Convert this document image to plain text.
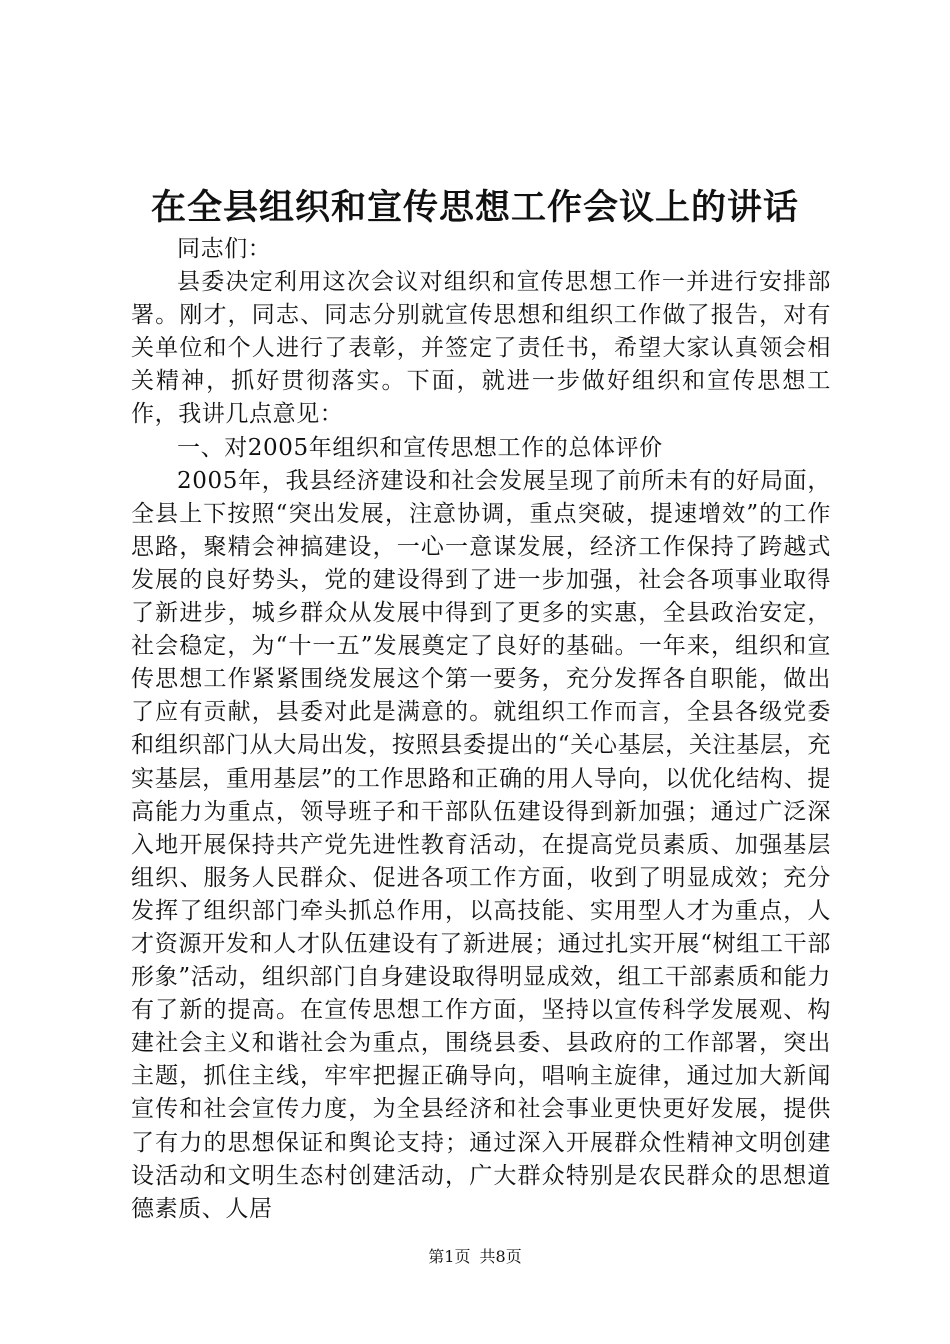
在全县组织和宣传思想工作会议上的讲话

同志们：

县委决定利用这次会议对组织和宣传思想工作一并进行安排部署。刚才，同志、同志分别就宣传思想和组织工作做了报告，对有关单位和个人进行了表彰，并签定了责任书，希望大家认真领会相关精神，抓好贯彻落实。下面，就进一步做好组织和宣传思想工作，我讲几点意见：

一、对2005年组织和宣传思想工作的总体评价

2005年，我县经济建设和社会发展呈现了前所未有的好局面，全县上下按照“突出发展，注意协调，重点突破，提速增效”的工作思路，聚精会神搞建设，一心一意谋发展，经济工作保持了跨越式发展的良好势头，党的建设得到了进一步加强，社会各项事业取得了新进步，城乡群众从发展中得到了更多的实惠，全县政治安定，社会稳定，为“十一五”发展奠定了良好的基础。一年来，组织和宣传思想工作紧紧围绕发展这个第一要务，充分发挥各自职能，做出了应有贡献，县委对此是满意的。就组织工作而言，全县各级党委和组织部门从大局出发，按照县委提出的“关心基层，关注基层，充实基层，重用基层”的工作思路和正确的用人导向，以优化结构、提高能力为重点，领导班子和干部队伍建设得到新加强；通过广泛深入地开展保持共产党先进性教育活动，在提高党员素质、加强基层组织、服务人民群众、促进各项工作方面，收到了明显成效；充分发挥了组织部门牵头抓总作用，以高技能、实用型人才为重点，人才资源开发和人才队伍建设有了新进展；通过扎实开展“树组工干部形象”活动，组织部门自身建设取得明显成效，组工干部素质和能力有了新的提高。在宣传思想工作方面，坚持以宣传科学发展观、构建社会主义和谐社会为重点，围绕县委、县政府的工作部署，突出主题，抓住主线，牢牢把握正确导向，唱响主旋律，通过加大新闻宣传和社会宣传力度，为全县经济和社会事业更快更好发展，提供了有力的思想保证和舆论支持；通过深入开展群众性精神文明创建设活动和文明生态村创建活动，广大群众特别是农民群众的思想道德素质、人居

第1页 共8页
